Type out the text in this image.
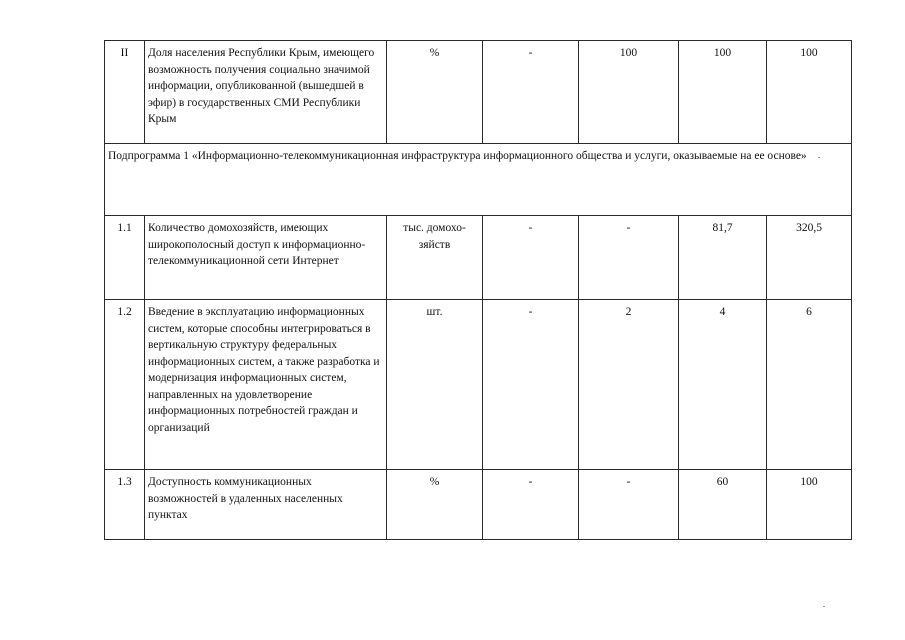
II	Доля населения Республики Крым, имеющего возможность получения социально значимой информации, опубликованной (вышедшей в эфир) в государственных СМИ Республики Крым	%	-	100	100	100
Подпрограмма 1 «Информационно-телекоммуникационная инфраструктура информационного общества и услуги, оказываемые на ее основе»						
1.1	Количество домохозяйств, имеющих широкополосный доступ к информационно-телекоммуникационной сети Интернет	тыс. домохо-зяйств	-	-	81,7	320,5
1.2	Введение в эксплуатацию информационных систем, которые способны интегрироваться в вертикальную структуру федеральных информационных систем, а также разработка и модернизация информационных систем, направленных на удовлетворение информационных потребностей граждан и организаций	шт.	-	2	4	6
1.3	Доступность коммуникационных возможностей в удаленных населенных пунктах	%	-	-	60	100
